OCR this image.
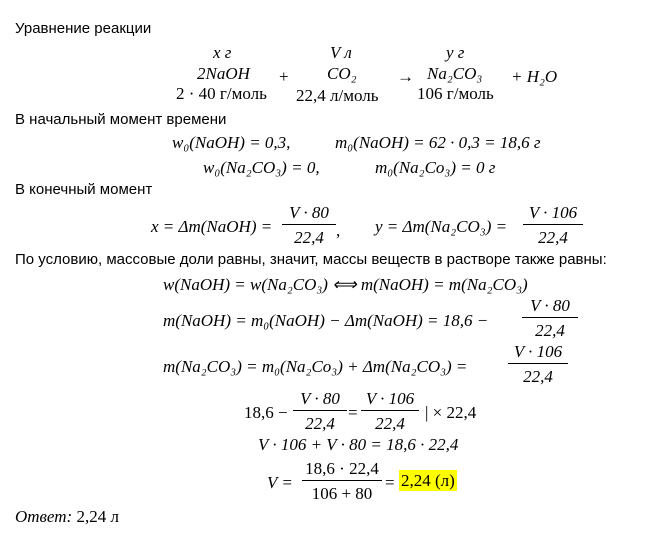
Уравнение реакции
x г	V л	y г
2NaOH + CO₂ → Na₂CO₃ + H₂O
2 · 40 г/моль 22,4 л/моль 106 г/моль
В начальный момент времени
w₀(NaOH) = 0,3,	m₀(NaOH) = 62 · 0,3 = 18,6 г
w₀(Na₂CO₃) = 0,	m₀(Na₂Co₃) = 0 г
В конечный момент
x = Δm(NaOH) =
V · 80
22,4 , y = Δm(Na₂CO₃) =
V · 106
22,4
По условию, массовые доли равны, значит, массы веществ в растворе также равны:
w(NaOH) = w(Na₂CO₃) ⟺ m(NaOH) = m(Na₂CO₃)
m(NaOH) = m₀(NaOH) − Δm(NaOH) = 18,6 −
V · 80
22,4
m(Na₂CO₃) = m₀(Na₂Co₃) + Δm(Na₂CO₃) =
V · 106
22,4
18,6 −
V · 80
22,4
=
V · 106
22,4
| × 22,4
V · 106 + V · 80 = 18,6 · 22,4
V =
18,6 · 22,4
106 + 80
= 2,24 (л)
Ответ: 2,24 л
